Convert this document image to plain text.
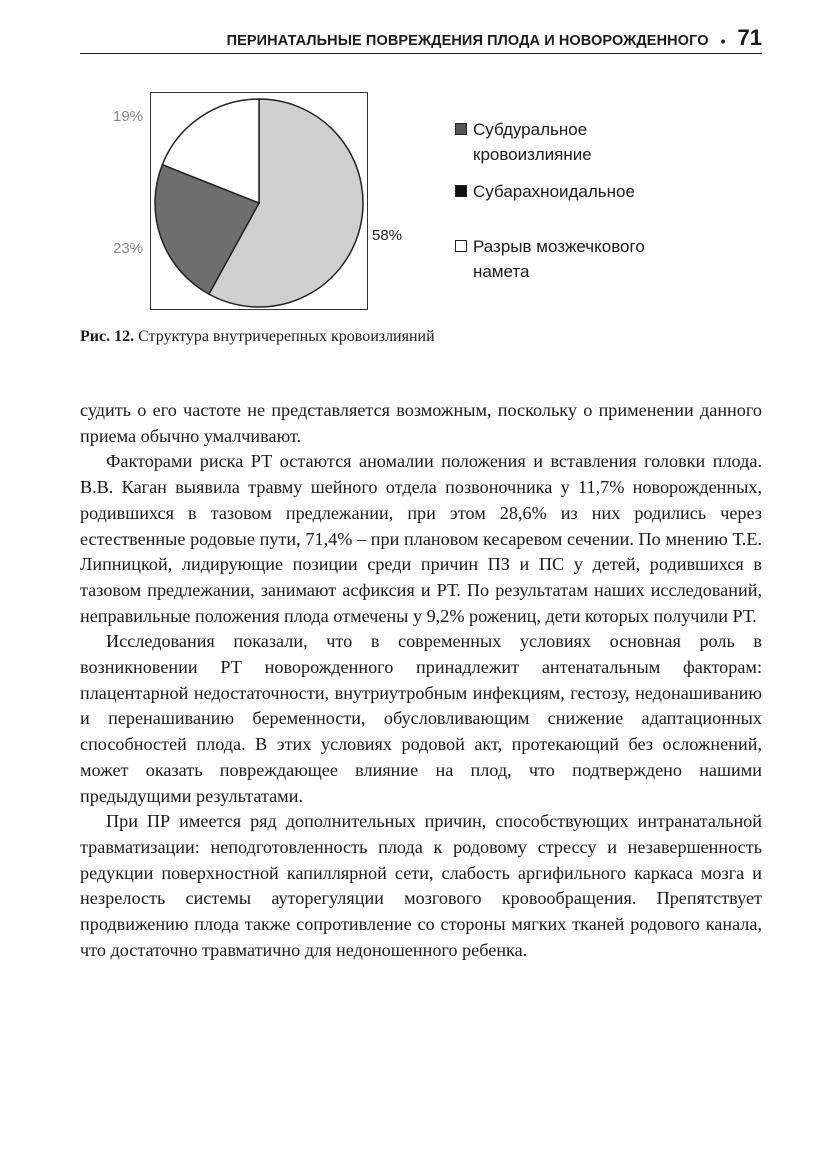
ПЕРИНАТАЛЬНЫЕ ПОВРЕЖДЕНИЯ ПЛОДА И НОВОРОЖДЕННОГО • 71
19%
23%
58%
Субдуральное
кровоизлияние
Субарахноидальное
Разрыв мозжечкового
намета
Рис. 12. Структура внутричерепных кровоизлияний

судить о его частоте не представляется возможным, поскольку о применении данного приема обычно умалчивают.

Факторами риска РТ остаются аномалии положения и вставления головки плода. В.В. Каган выявила травму шейного отдела позвоночника у 11,7% новорожденных, родившихся в тазовом предлежании, при этом 28,6% из них родились через естественные родовые пути, 71,4% – при плановом кесаревом сечении. По мнению Т.Е. Липницкой, лидирующие позиции среди причин ПЗ и ПС у детей, родившихся в тазовом предлежании, занимают асфиксия и РТ. По результатам наших исследований, неправильные положения плода отмечены у 9,2% рожениц, дети которых получили РТ.

Исследования показали, что в современных условиях основная роль в возникновении РТ новорожденного принадлежит антенатальным факторам: плацентарной недостаточности, внутриутробным инфекциям, гестозу, недонашиванию и перенашиванию беременности, обусловливающим снижение адаптационных способностей плода. В этих условиях родовой акт, протекающий без осложнений, может оказать повреждающее влияние на плод, что подтверждено нашими предыдущими результатами.

При ПР имеется ряд дополнительных причин, способствующих интранатальной травматизации: неподготовленность плода к родовому стрессу и незавершенность редукции поверхностной капиллярной сети, слабость аргифильного каркаса мозга и незрелость системы ауторегуляции мозгового кровообращения. Препятствует продвижению плода также сопротивление со стороны мягких тканей родового канала, что достаточно травматично для недоношенного ребенка.
